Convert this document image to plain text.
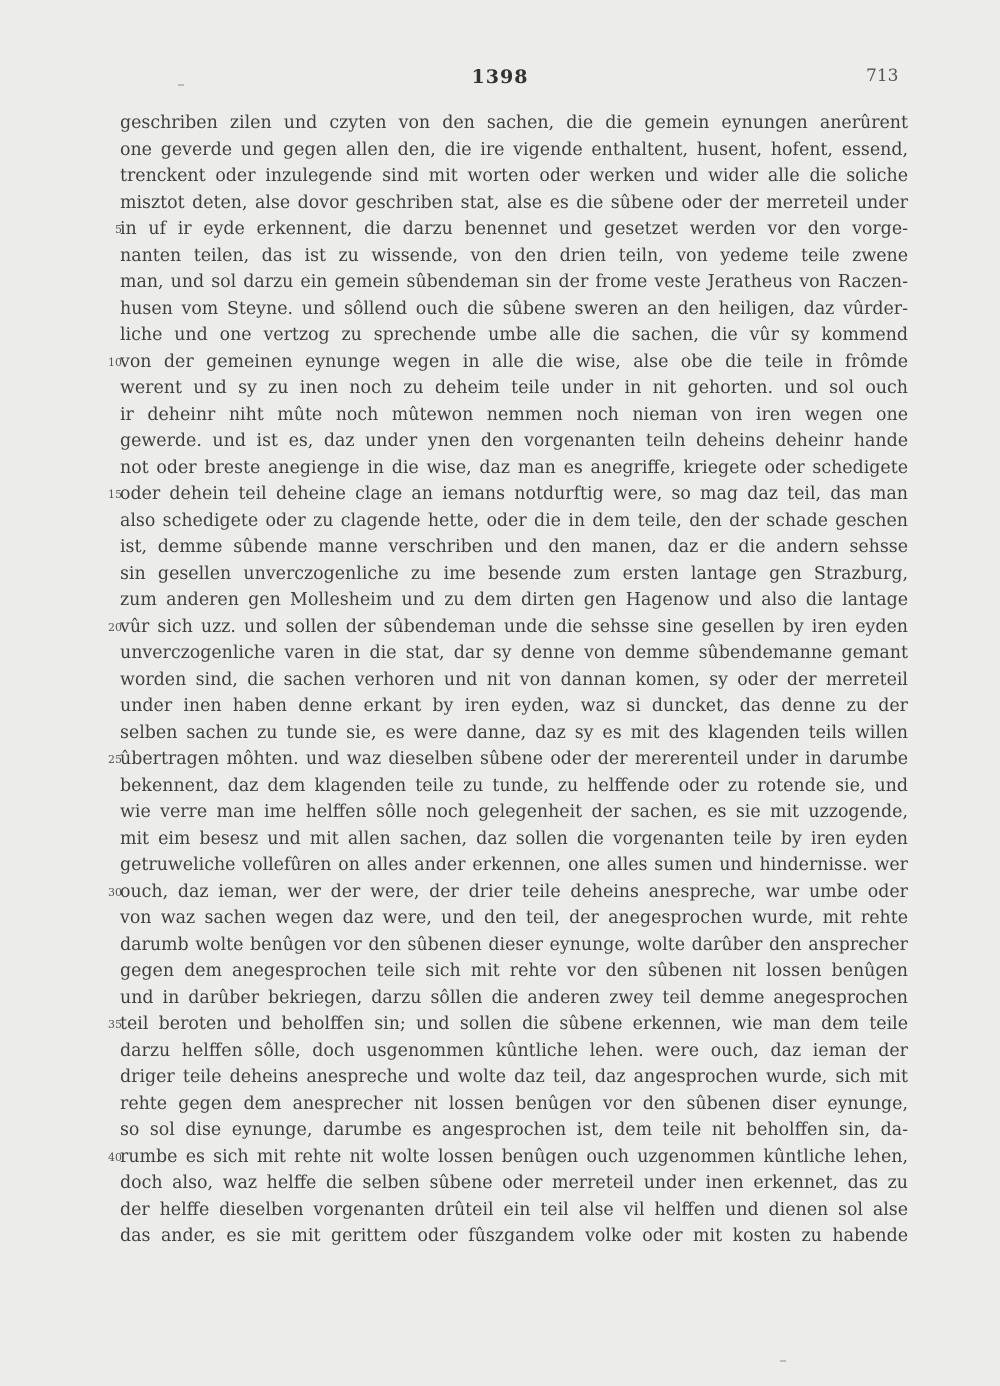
1398	713
geschriben zilen und czyten von den sachen, die die gemein eynungen anerûrent
one geverde und gegen allen den, die ire vigende enthaltent, husent, hofent, essend,
trenckent oder inzulegende sind mit worten oder werken und wider alle die soliche
misztot deten, alse dovor geschriben stat, alse es die sûbene oder der merreteil under
5
in uf ir eyde erkennent, die darzu benennet und gesetzet werden vor den vorge-
nanten teilen, das ist zu wissende, von den drien teiln, von yedeme teile zwene
man, und sol darzu ein gemein sûbendeman sin der frome veste Jeratheus von Raczen-
husen vom Steyne. und sôllend ouch die sûbene sweren an den heiligen, daz vûrder-
liche und one vertzog zu sprechende umbe alle die sachen, die vûr sy kommend
10
von der gemeinen eynunge wegen in alle die wise, alse obe die teile in frômde
werent und sy zu inen noch zu deheim teile under in nit gehorten. und sol ouch
ir deheinr niht mûte noch mûtewon nemmen noch nieman von iren wegen one
gewerde. und ist es, daz under ynen den vorgenanten teiln deheins deheinr hande
not oder breste anegienge in die wise, daz man es anegriffe, kriegete oder schedigete
15
oder dehein teil deheine clage an iemans notdurftig were, so mag daz teil, das man
also schedigete oder zu clagende hette, oder die in dem teile, den der schade geschen
ist, demme sûbende manne verschriben und den manen, daz er die andern sehsse
sin gesellen unverczogenliche zu ime besende zum ersten lantage gen Strazburg,
zum anderen gen Mollesheim und zu dem dirten gen Hagenow und also die lantage
20
vûr sich uzz. und sollen der sûbendeman unde die sehsse sine gesellen by iren eyden
unverczogenliche varen in die stat, dar sy denne von demme sûbendemanne gemant
worden sind, die sachen verhoren und nit von dannan komen, sy oder der merreteil
under inen haben denne erkant by iren eyden, waz si duncket, das denne zu der
selben sachen zu tunde sie, es were danne, daz sy es mit des klagenden teils willen
25
ûbertragen môhten. und waz dieselben sûbene oder der mererenteil under in darumbe
bekennent, daz dem klagenden teile zu tunde, zu helffende oder zu rotende sie, und
wie verre man ime helffen sôlle noch gelegenheit der sachen, es sie mit uzzogende,
mit eim besesz und mit allen sachen, daz sollen die vorgenanten teile by iren eyden
getruweliche vollefûren on alles ander erkennen, one alles sumen und hindernisse. wer
30
ouch, daz ieman, wer der were, der drier teile deheins anespreche, war umbe oder
von waz sachen wegen daz were, und den teil, der anegesprochen wurde, mit rehte
darumb wolte benûgen vor den sûbenen dieser eynunge, wolte darûber den ansprecher
gegen dem anegesprochen teile sich mit rehte vor den sûbenen nit lossen benûgen
und in darûber bekriegen, darzu sôllen die anderen zwey teil demme anegesprochen
35
teil beroten und beholffen sin; und sollen die sûbene erkennen, wie man dem teile
darzu helffen sôlle, doch usgenommen kûntliche lehen. were ouch, daz ieman der
driger teile deheins anespreche und wolte daz teil, daz angesprochen wurde, sich mit
rehte gegen dem anesprecher nit lossen benûgen vor den sûbenen diser eynunge,
so sol dise eynunge, darumbe es angesprochen ist, dem teile nit beholffen sin, da-
40
rumbe es sich mit rehte nit wolte lossen benûgen ouch uzgenommen kûntliche lehen,
doch also, waz helffe die selben sûbene oder merreteil under inen erkennet, das zu
der helffe dieselben vorgenanten drûteil ein teil alse vil helffen und dienen sol alse
das ander, es sie mit gerittem oder fûszgandem volke oder mit kosten zu habende
